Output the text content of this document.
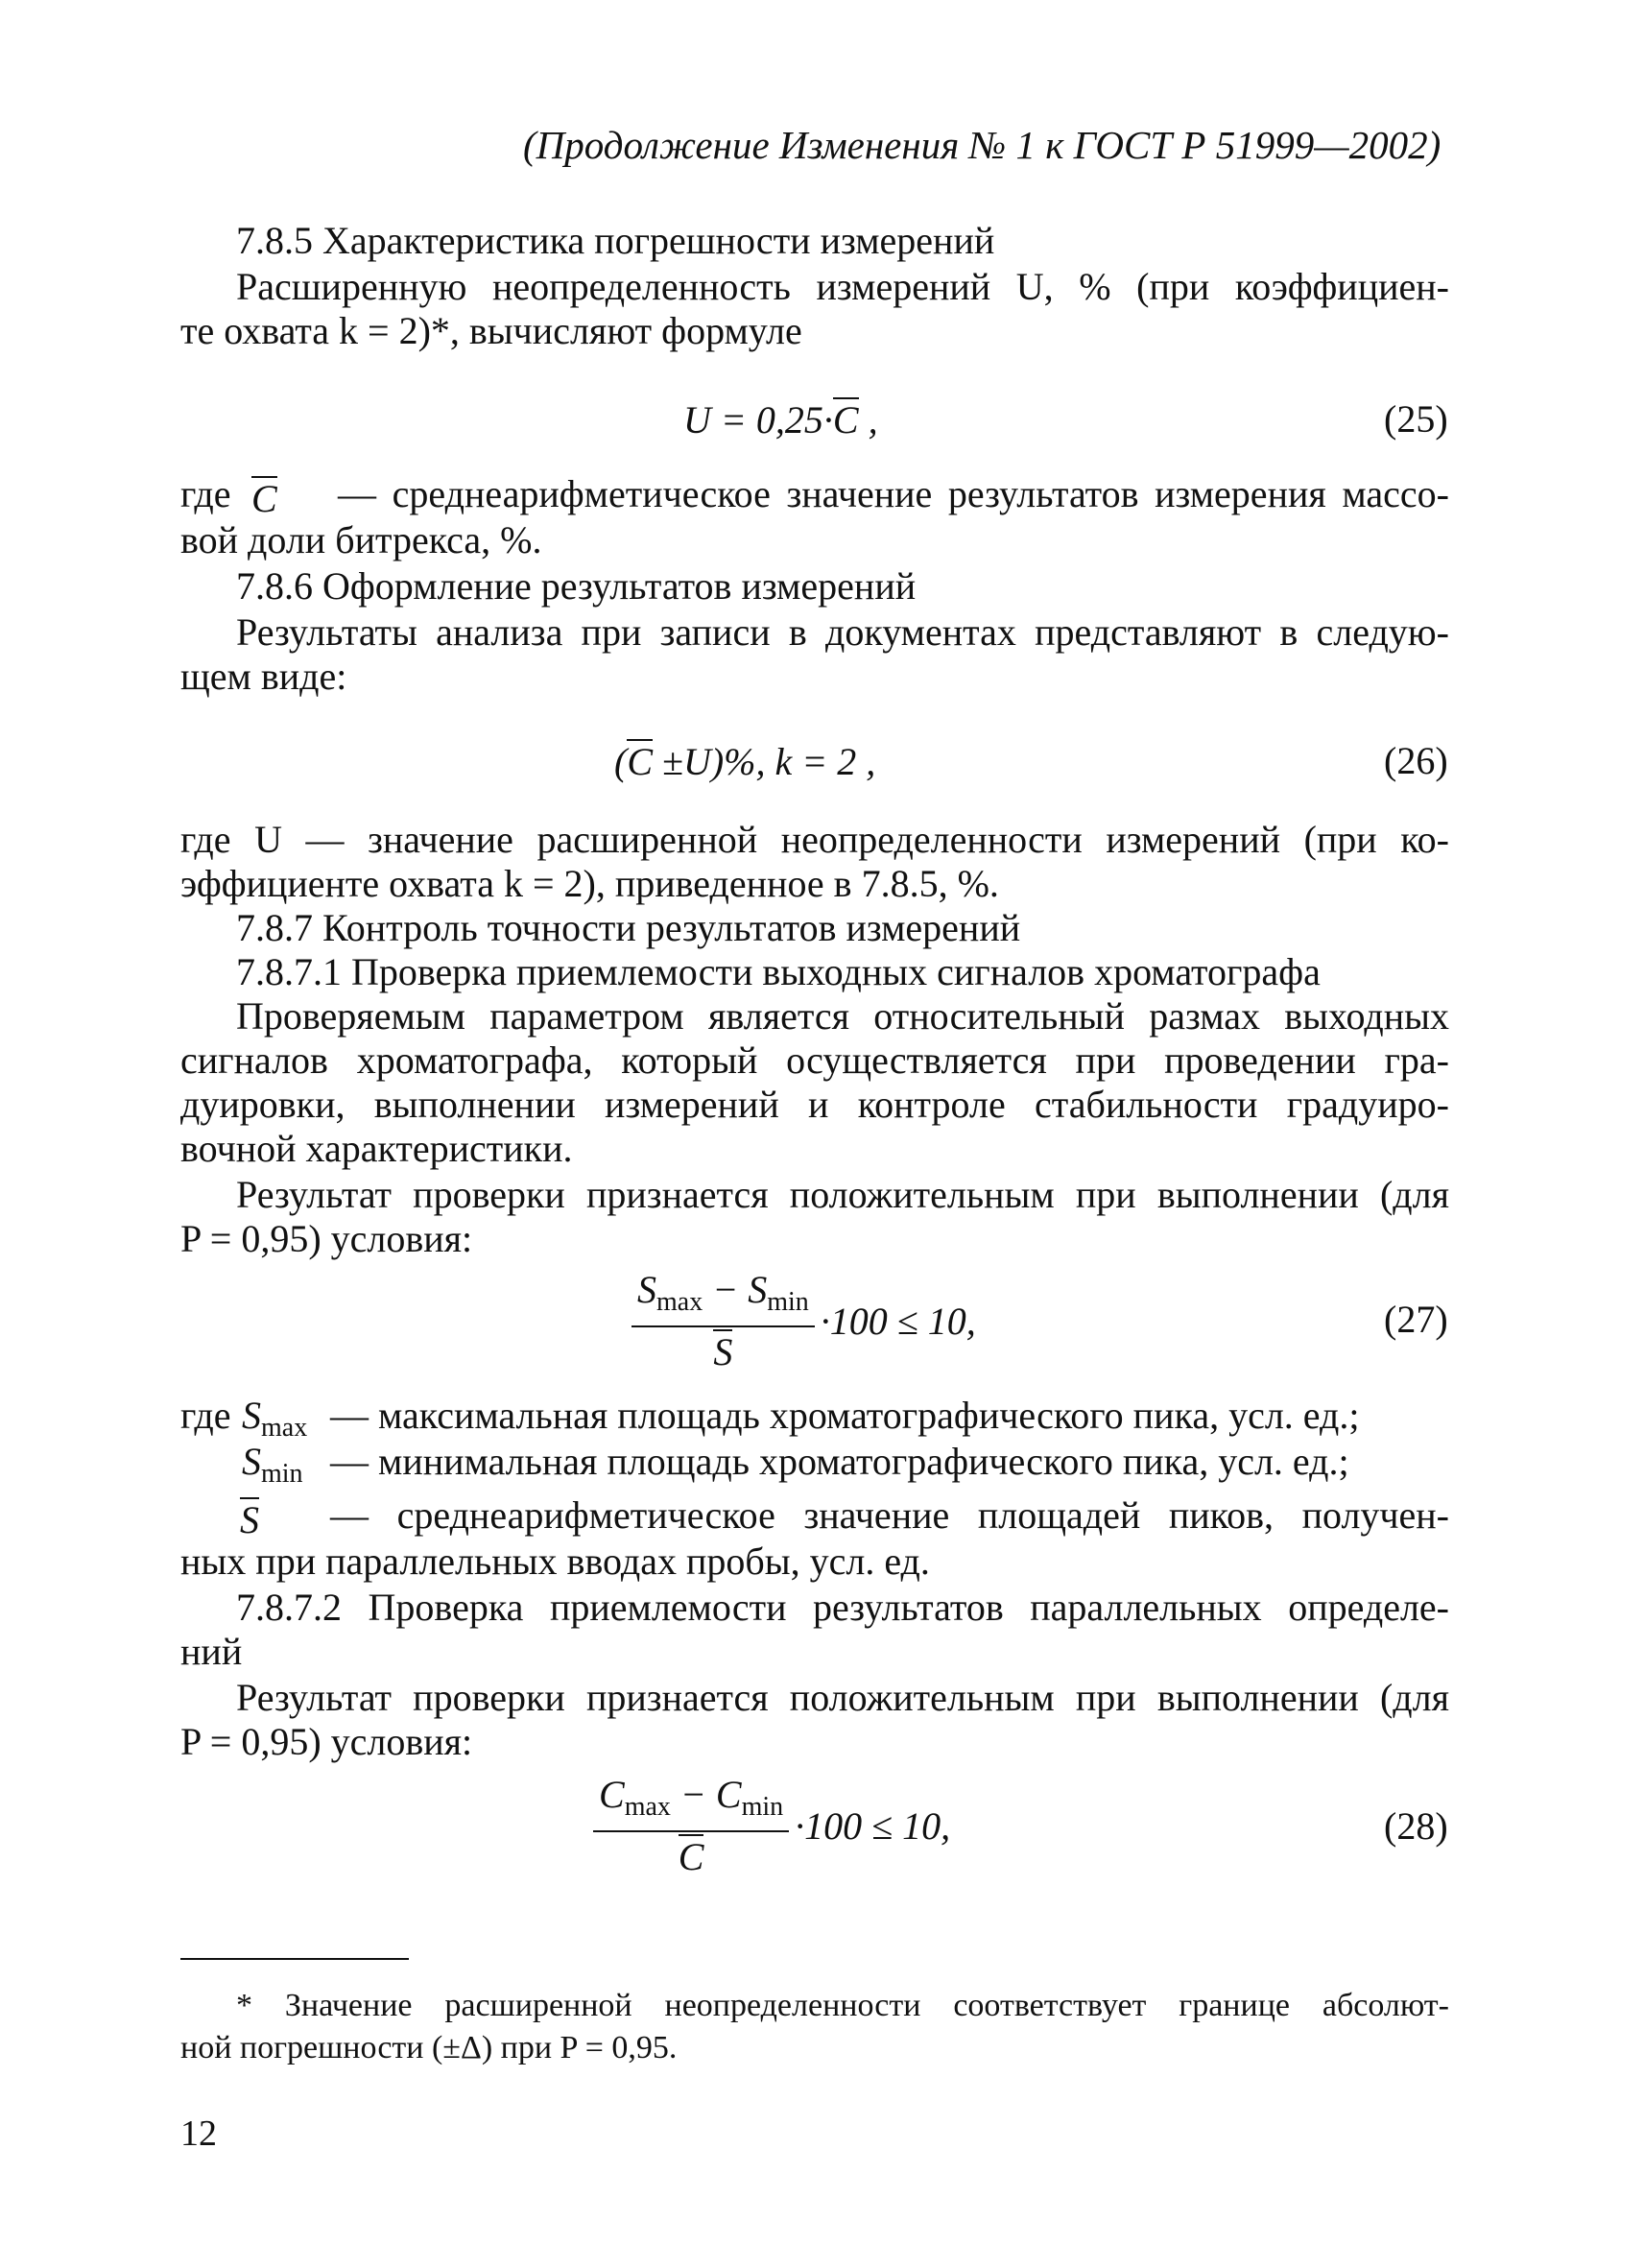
(Продолжение Изменения № 1 к ГОСТ Р 51999—2002)
7.8.5 Характеристика погрешности измерений
Расширенную неопределенность измерений U, % (при коэффициен-
те охвата k = 2)*, вычисляют формуле
U = 0,25·C ,	(25)
где C — среднеарифметическое значение результатов измерения массо-
вой доли битрекса, %.
7.8.6 Оформление результатов измерений
Результаты анализа при записи в документах представляют в следую-
щем виде:
(C ±U)%, k = 2 ,	(26)
где U — значение расширенной неопределенности измерений (при ко-
эффициенте охвата k = 2), приведенное в 7.8.5, %.
7.8.7 Контроль точности результатов измерений
7.8.7.1 Проверка приемлемости выходных сигналов хроматографа
Проверяемым параметром является относительный размах выходных
сигналов хроматографа, который осуществляется при проведении гра-
дуировки, выполнении измерений и контроле стабильности градуиро-
вочной характеристики.
Результат проверки признается положительным при выполнении (для
P = 0,95) условия:
$\frac{S_{max} - S_{min}}{S} \cdot 100 \le 10$,	(27)
где $S_{max}$ — максимальная площадь хроматографического пика, усл. ед.;
$S_{min}$ — минимальная площадь хроматографического пика, усл. ед.;
S — среднеарифметическое значение площадей пиков, получен-
ных при параллельных вводах пробы, усл. ед.
7.8.7.2 Проверка приемлемости результатов параллельных определе-
ний
Результат проверки признается положительным при выполнении (для
P = 0,95) условия:
$\frac{C_{max} - C_{min}}{C} \cdot 100 \le 10$,	(28)
* Значение расширенной неопределенности соответствует границе абсолют-
ной погрешности (±Δ) при P = 0,95.
12
